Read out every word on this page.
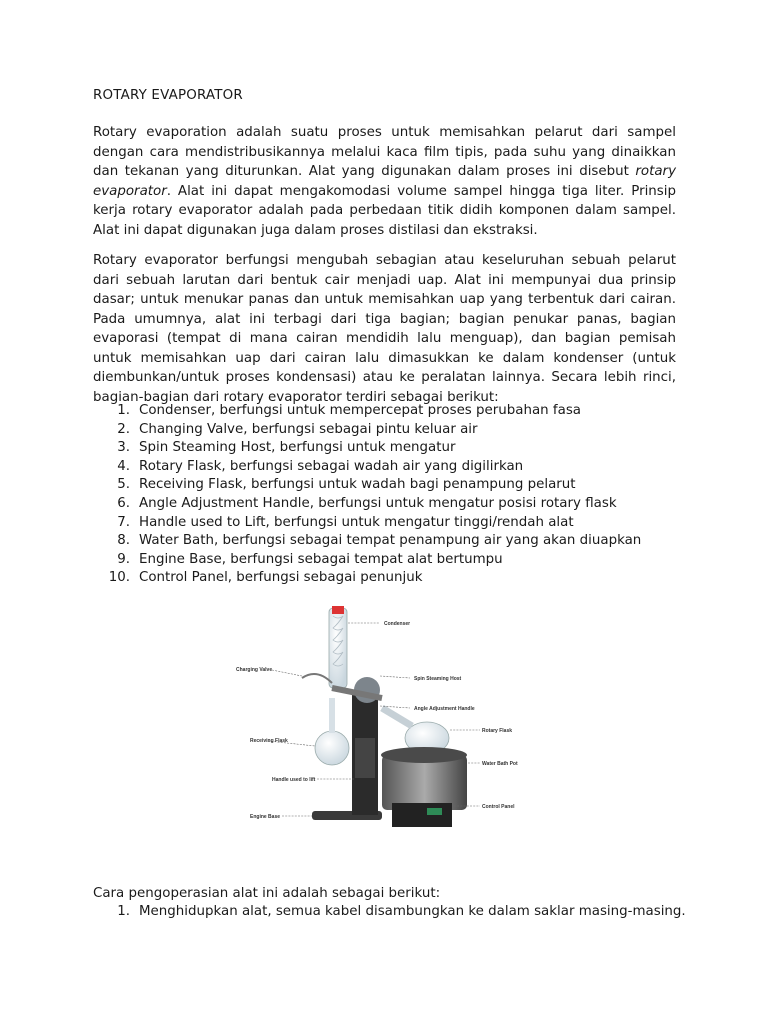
ROTARY EVAPORATOR

Rotary evaporation adalah suatu proses untuk memisahkan pelarut dari sampel dengan cara mendistribusikannya melalui kaca film tipis, pada suhu yang dinaikkan dan tekanan yang diturunkan. Alat yang digunakan dalam proses ini disebut rotary evaporator. Alat ini dapat mengakomodasi volume sampel hingga tiga liter. Prinsip kerja rotary evaporator adalah pada perbedaan titik didih komponen dalam sampel. Alat ini dapat digunakan juga dalam proses distilasi dan ekstraksi.

Rotary evaporator berfungsi mengubah sebagian atau keseluruhan sebuah pelarut dari sebuah larutan dari bentuk cair menjadi uap. Alat ini mempunyai dua prinsip dasar; untuk menukar panas dan untuk memisahkan uap yang terbentuk dari cairan. Pada umumnya, alat ini terbagi dari tiga bagian; bagian penukar panas, bagian evaporasi (tempat di mana cairan mendidih lalu menguap), dan bagian pemisah untuk memisahkan uap dari cairan lalu dimasukkan ke dalam kondenser (untuk diembunkan/untuk proses kondensasi) atau ke peralatan lainnya. Secara lebih rinci, bagian-bagian dari rotary evaporator terdiri sebagai berikut:

1. Condenser, berfungsi untuk mempercepat proses perubahan fasa
2. Changing Valve, berfungsi sebagai pintu keluar air
3. Spin Steaming Host, berfungsi untuk mengatur
4. Rotary Flask, berfungsi sebagai wadah air yang digilirkan
5. Receiving Flask, berfungsi untuk wadah bagi penampung pelarut
6. Angle Adjustment Handle, berfungsi untuk mengatur posisi rotary flask
7. Handle used to Lift, berfungsi untuk mengatur tinggi/rendah alat
8. Water Bath, berfungsi sebagai tempat penampung air yang akan diuapkan
9. Engine Base, berfungsi sebagai tempat alat bertumpu
10. Control Panel, berfungsi sebagai penunjuk
Condenser
Charging Valve
Spin Steaming Host
Angle Adjustment Handle
Rotary Flask
Receiving Flask
Water Bath Pot
Handle used to lift
Control Panel
Engine Base

Cara pengoperasian alat ini adalah sebagai berikut:

1. Menghidupkan alat, semua kabel disambungkan ke dalam saklar masing-masing.
